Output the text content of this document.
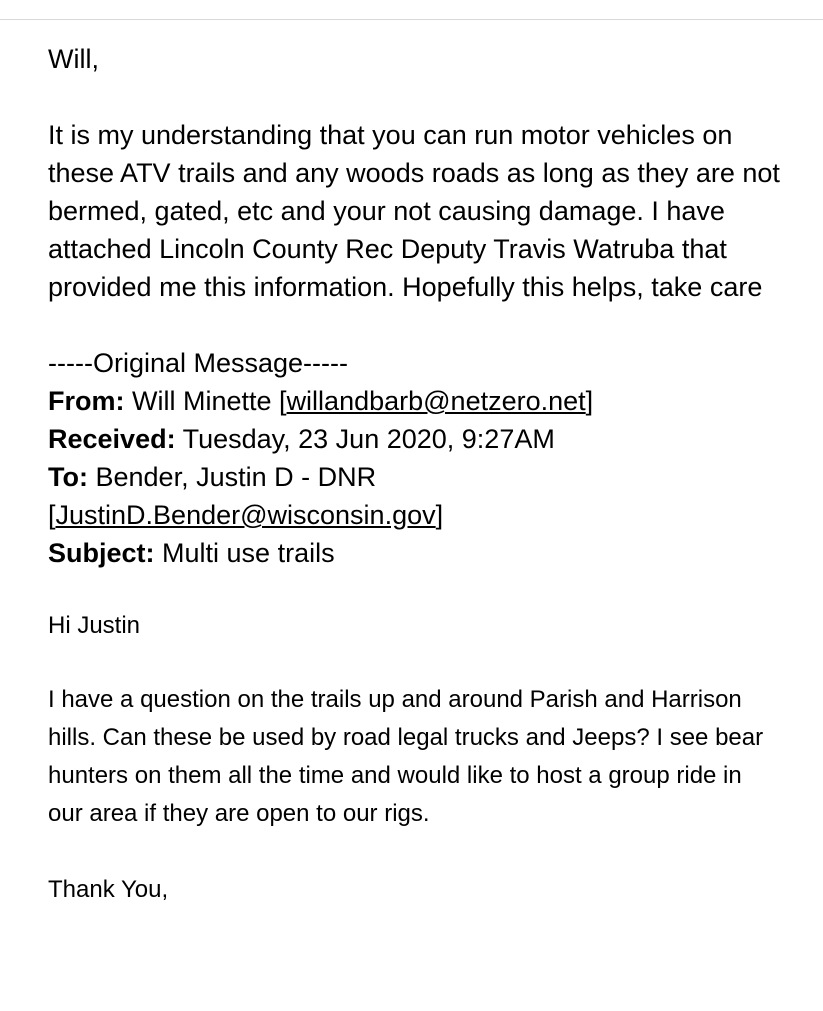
Will,

It is my understanding that you can run motor vehicles on these ATV trails and any woods roads as long as they are not bermed, gated, etc and your not causing damage. I have attached Lincoln County Rec Deputy Travis Watruba that provided me this information. Hopefully this helps, take care

-----Original Message-----
From: Will Minette [willandbarb@netzero.net]
Received: Tuesday, 23 Jun 2020, 9:27AM
To: Bender, Justin D - DNR
[JustinD.Bender@wisconsin.gov]
Subject: Multi use trails

Hi Justin

I have a question on the trails up and around Parish and Harrison hills. Can these be used by road legal trucks and Jeeps? I see bear hunters on them all the time and would like to host a group ride in our area if they are open to our rigs.

Thank You,
